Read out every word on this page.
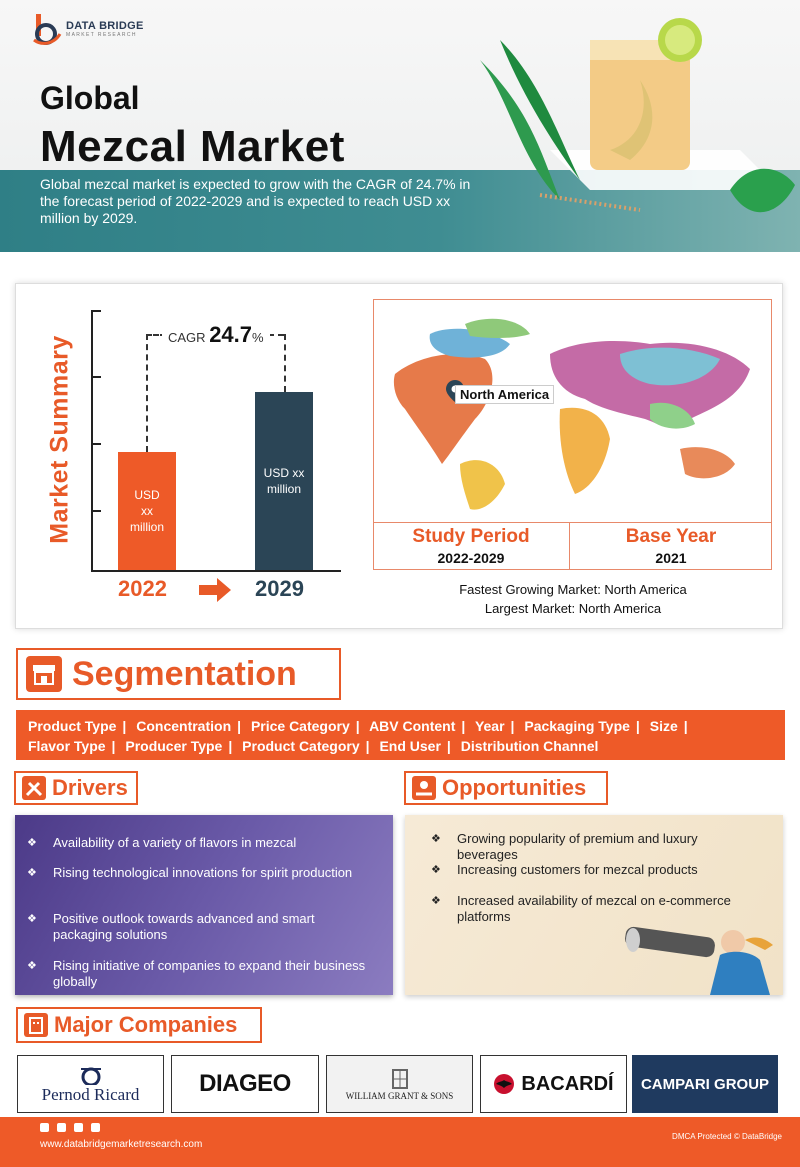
DATA BRIDGE
MARKET RESEARCH
Global
Mezcal Market
Global mezcal market is expected to grow with the CAGR of 24.7% in the forecast period of 2022-2029 and is expected to reach USD xx million by 2029.
Market Summary	CAGR 24.7%
USD xx million
USD xx million
2022	2029
North America
Study Period
2022-2029
Base Year
2021
Fastest Growing Market: North America
Largest Market: North America
Segmentation
Product Type | Concentration | Price Category | ABV Content | Year | Packaging Type | Size |
Flavor Type | Producer Type | Product Category | End User | Distribution Channel
Drivers
❖ Availability of a variety of flavors in mezcal
❖ Rising technological innovations for spirit production
❖ Positive outlook towards advanced and smart packaging solutions
❖ Rising initiative of companies to expand their business globally
Opportunities
❖ Growing popularity of premium and luxury beverages
❖ Increasing customers for mezcal products
❖ Increased availability of mezcal on e-commerce platforms
Major Companies
Pernod Ricard DIAGEO	WILLIAM GRANT & SONS
BACARDÍ CAMPARI GROUP
www.databridgemarketresearch.com
DMCA Protected © DataBridge
